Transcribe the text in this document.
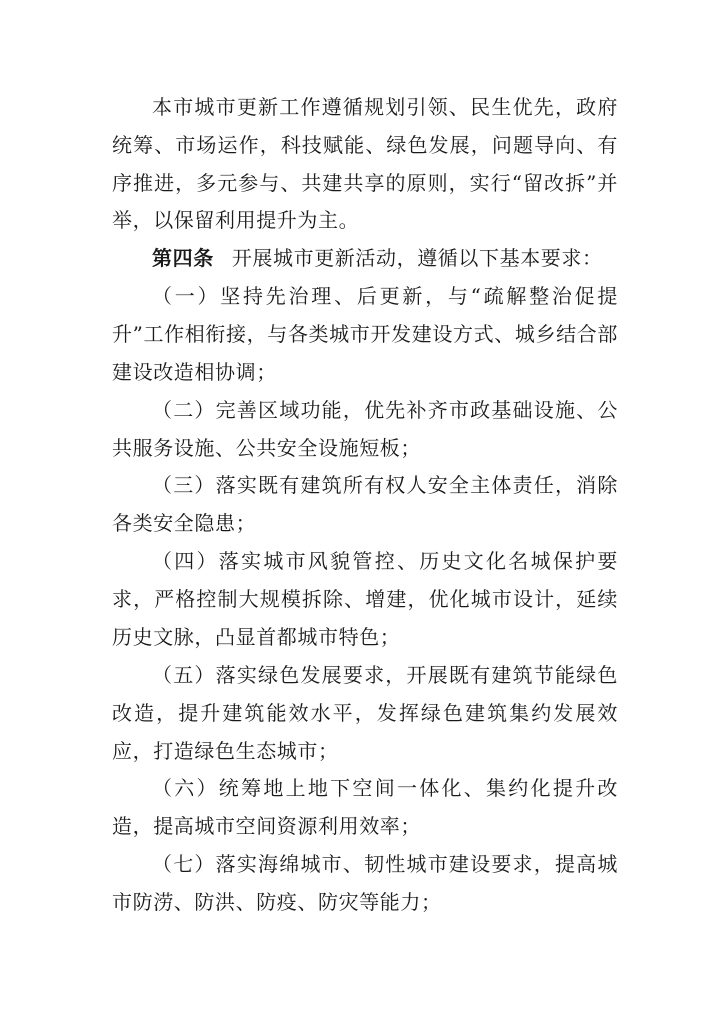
本市城市更新工作遵循规划引领、民生优先，政府统筹、市场运作，科技赋能、绿色发展，问题导向、有序推进，多元参与、共建共享的原则，实行“留改拆”并举，以保留利用提升为主。

第四条 开展城市更新活动，遵循以下基本要求：

（一）坚持先治理、后更新，与“疏解整治促提升”工作相衔接，与各类城市开发建设方式、城乡结合部建设改造相协调；

（二）完善区域功能，优先补齐市政基础设施、公共服务设施、公共安全设施短板；

（三）落实既有建筑所有权人安全主体责任，消除各类安全隐患；

（四）落实城市风貌管控、历史文化名城保护要求，严格控制大规模拆除、增建，优化城市设计，延续历史文脉，凸显首都城市特色；

（五）落实绿色发展要求，开展既有建筑节能绿色改造，提升建筑能效水平，发挥绿色建筑集约发展效应，打造绿色生态城市；

（六）统筹地上地下空间一体化、集约化提升改造，提高城市空间资源利用效率；

（七）落实海绵城市、韧性城市建设要求，提高城市防涝、防洪、防疫、防灾等能力；
